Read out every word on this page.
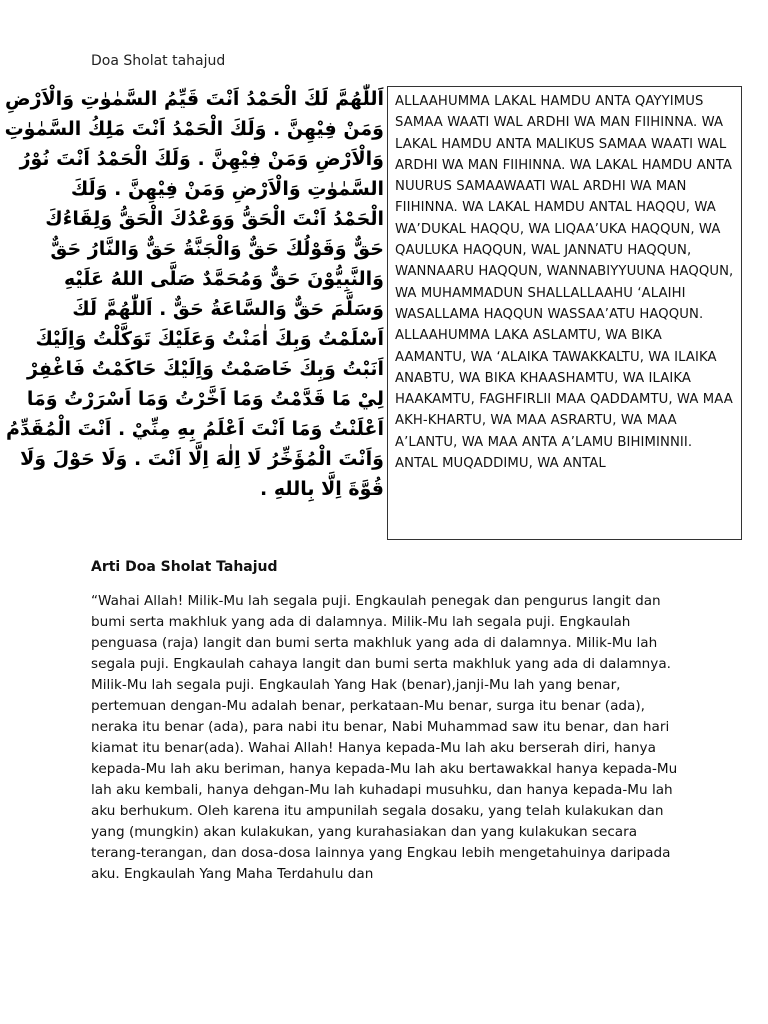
Doa Sholat tahajud
اَللّٰهُمَّ لَكَ الْحَمْدُ اَنْتَ قَيِّمُ السَّمٰوٰتِ وَالْاَرْضِ
وَمَنْ فِيْهِنَّ . وَلَكَ الْحَمْدُ اَنْتَ مَلِكُ السَّمٰوٰتِ
وَالْاَرْضِ وَمَنْ فِيْهِنَّ . وَلَكَ الْحَمْدُ اَنْتَ نُوْرُ
السَّمٰوٰتِ وَالْاَرْضِ وَمَنْ فِيْهِنَّ . وَلَكَ
الْحَمْدُ اَنْتَ الْحَقُّ وَوَعْدُكَ الْحَقُّ وَلِقَاءُكَ
حَقٌّ وَقَوْلُكَ حَقٌّ وَالْجَنَّةُ حَقٌّ وَالنَّارُ حَقٌّ
وَالنَّبِيُّوْنَ حَقٌّ وَمُحَمَّدٌ صَلَّى اللهُ عَلَيْهِ
وَسَلَّمَ حَقٌّ وَالسَّاعَةُ حَقٌّ . اَللّٰهُمَّ لَكَ
اَسْلَمْتُ وَبِكَ اٰمَنْتُ وَعَلَيْكَ تَوَكَّلْتُ وَاِلَيْكَ
اَنَبْتُ وَبِكَ خَاصَمْتُ وَاِلَيْكَ حَاكَمْتُ فَاغْفِرْ
لِيْ مَا قَدَّمْتُ وَمَا اَخَّرْتُ وَمَا اَسْرَرْتُ وَمَا
اَعْلَنْتُ وَمَا اَنْتَ اَعْلَمُ بِهِ مِنِّيْ . اَنْتَ الْمُقَدِّمُ
وَاَنْتَ الْمُؤَخِّرُ لَا اِلٰهَ اِلَّا اَنْتَ . وَلَا حَوْلَ وَلَا
قُوَّةَ اِلَّا بِاللهِ .
ALLAAHUMMA LAKAL HAMDU ANTA QAYYIMUS SAMAA WAATI WAL ARDHI WA MAN FIIHINNA. WA LAKAL HAMDU ANTA MALIKUS SAMAA WAATI WAL ARDHI WA MAN FIIHINNA. WA LAKAL HAMDU ANTA NUURUS SAMAAWAATI WAL ARDHI WA MAN FIIHINNA. WA LAKAL HAMDU ANTAL HAQQU, WA WA’DUKAL HAQQU, WA LIQAA’UKA HAQQUN, WA QAULUKA HAQQUN, WAL JANNATU HAQQUN, WANNAARU HAQQUN, WANNABIYYUUNA HAQQUN, WA MUHAMMADUN SHALLALLAAHU ‘ALAIHI WASALLAMA HAQQUN WASSAA’ATU HAQQUN. ALLAAHUMMA LAKA ASLAMTU, WA BIKA AAMANTU, WA ‘ALAIKA TAWAKKALTU, WA ILAIKA ANABTU, WA BIKA KHAASHAMTU, WA ILAIKA HAAKAMTU, FAGHFIRLII MAA QADDAMTU, WA MAA AKH-KHARTU, WA MAA ASRARTU, WA MAA A’LANTU, WA MAA ANTA A’LAMU BIHIMINNII. ANTAL MUQADDIMU, WA ANTAL
Arti Doa Sholat Tahajud
“Wahai Allah! Milik-Mu lah segala puji. Engkaulah penegak dan pengurus langit dan bumi serta makhluk yang ada di dalamnya. Milik-Mu lah segala puji. Engkaulah penguasa (raja) langit dan bumi serta makhluk yang ada di dalamnya. Milik-Mu lah segala puji. Engkaulah cahaya langit dan bumi serta makhluk yang ada di dalamnya. Milik-Mu lah segala puji. Engkaulah Yang Hak (benar),janji-Mu lah yang benar, pertemuan dengan-Mu adalah benar, perkataan-Mu benar, surga itu benar (ada), neraka itu benar (ada), para nabi itu benar, Nabi Muhammad saw itu benar, dan hari kiamat itu benar(ada). Wahai Allah! Hanya kepada-Mu lah aku berserah diri, hanya kepada-Mu lah aku beriman, hanya kepada-Mu lah aku bertawakkal hanya kepada-Mu lah aku kembali, hanya dehgan-Mu lah kuhadapi musuhku, dan hanya kepada-Mu lah aku berhukum. Oleh karena itu ampunilah segala dosaku, yang telah kulakukan dan yang (mungkin) akan kulakukan, yang kurahasiakan dan yang kulakukan secara terang-terangan, dan dosa-dosa lainnya yang Engkau lebih mengetahuinya daripada aku. Engkaulah Yang Maha Terdahulu dan
